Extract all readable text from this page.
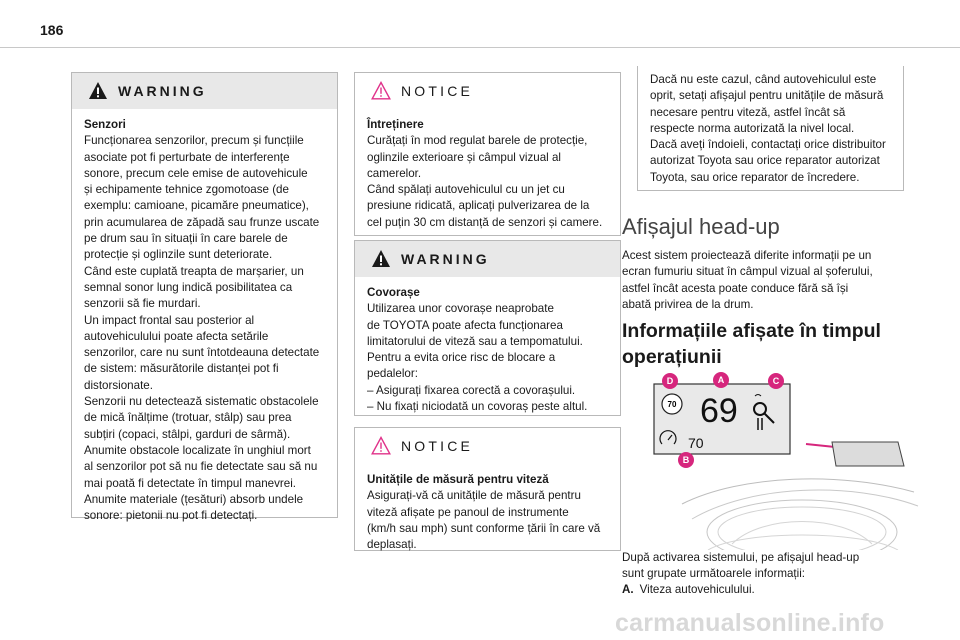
186
WARNING
Senzori

Funcționarea senzorilor, precum și funcțiile
asociate pot fi perturbate de interferențe
sonore, precum cele emise de autovehicule
și echipamente tehnice zgomotoase (de
exemplu: camioane, picamăre pneumatice),
prin acumularea de zăpadă sau frunze uscate
pe drum sau în situații în care barele de
protecție și oglinzile sunt deteriorate.
Când este cuplată treapta de marșarier, un
semnal sonor lung indică posibilitatea ca
senzorii să fie murdari.
Un impact frontal sau posterior al
autovehiculului poate afecta setările
senzorilor, care nu sunt întotdeauna detectate
de sistem: măsurătorile distanței pot fi
distorsionate.
Senzorii nu detectează sistematic obstacolele
de mică înălțime (trotuar, stâlp) sau prea
subțiri (copaci, stâlpi, garduri de sârmă).
Anumite obstacole localizate în unghiul mort
al senzorilor pot să nu fie detectate sau să nu
mai poată fi detectate în timpul manevrei.
Anumite materiale (țesături) absorb undele
sonore: pietonii nu pot fi detectați.

NOTICE
Întreținere

Curățați în mod regulat barele de protecție,
oglinzile exterioare și câmpul vizual al
camerelor.
Când spălați autovehiculul cu un jet cu
presiune ridicată, aplicați pulverizarea de la
cel puțin 30 cm distanță de senzori și camere.

WARNING
Covorașe

Utilizarea unor covorașe neaprobate
de TOYOTA poate afecta funcționarea
limitatorului de viteză sau a tempomatului.
Pentru a evita orice risc de blocare a
pedalelor:
– Asigurați fixarea corectă a covorașului.
– Nu fixați niciodată un covoraș peste altul.

NOTICE
Unitățile de măsură pentru viteză

Asigurați-vă că unitățile de măsură pentru
viteză afișate pe panoul de instrumente
(km/h sau mph) sunt conforme țării în care vă
deplasați.

Dacă nu este cazul, când autovehiculul este
oprit, setați afișajul pentru unitățile de măsură
necesare pentru viteză, astfel încât să
respecte norma autorizată la nivel local.
Dacă aveți îndoieli, contactați orice distribuitor
autorizat Toyota sau orice reparator autorizat
Toyota, sau orice reparator de încredere.

Afișajul head-up
Acest sistem proiectează diferite informații pe un
ecran fumuriu situat în câmpul vizual al șoferului,
astfel încât acesta poate conduce fără să își
abată privirea de la drum.
Informațiile afișate în timpul
operațiunii
70 69
70
D	A	C
B
După activarea sistemului, pe afișajul head-up
sunt grupate următoarele informații:
A. Viteza autovehiculului.
carmanualsonline.info
